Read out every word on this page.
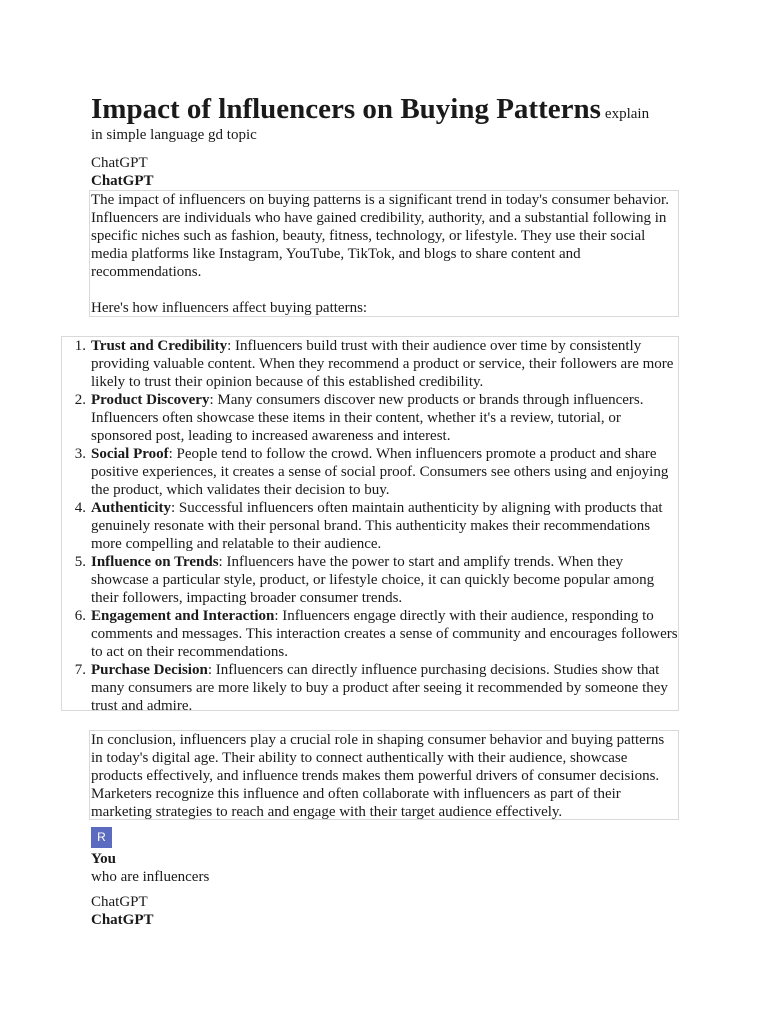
Impact of lnfluencers on Buying Patterns explain
in simple language gd topic
ChatGPT
ChatGPT

The impact of influencers on buying patterns is a significant trend in today's consumer behavior. Influencers are individuals who have gained credibility, authority, and a substantial following in specific niches such as fashion, beauty, fitness, technology, or lifestyle. They use their social media platforms like Instagram, YouTube, TikTok, and blogs to share content and recommendations.

Here's how influencers affect buying patterns:

1. Trust and Credibility: Influencers build trust with their audience over time by consistently providing valuable content. When they recommend a product or service, their followers are more likely to trust their opinion because of this established credibility.
2. Product Discovery: Many consumers discover new products or brands through influencers. Influencers often showcase these items in their content, whether it's a review, tutorial, or sponsored post, leading to increased awareness and interest.
3. Social Proof: People tend to follow the crowd. When influencers promote a product and share positive experiences, it creates a sense of social proof. Consumers see others using and enjoying the product, which validates their decision to buy.
4. Authenticity: Successful influencers often maintain authenticity by aligning with products that genuinely resonate with their personal brand. This authenticity makes their recommendations more compelling and relatable to their audience.
5. Influence on Trends: Influencers have the power to start and amplify trends. When they showcase a particular style, product, or lifestyle choice, it can quickly become popular among their followers, impacting broader consumer trends.
6. Engagement and Interaction: Influencers engage directly with their audience, responding to comments and messages. This interaction creates a sense of community and encourages followers to act on their recommendations.
7. Purchase Decision: Influencers can directly influence purchasing decisions. Studies show that many consumers are more likely to buy a product after seeing it recommended by someone they trust and admire.

In conclusion, influencers play a crucial role in shaping consumer behavior and buying patterns in today's digital age. Their ability to connect authentically with their audience, showcase products effectively, and influence trends makes them powerful drivers of consumer decisions. Marketers recognize this influence and often collaborate with influencers as part of their marketing strategies to reach and engage with their target audience effectively.

R
You
who are influencers
ChatGPT
ChatGPT
